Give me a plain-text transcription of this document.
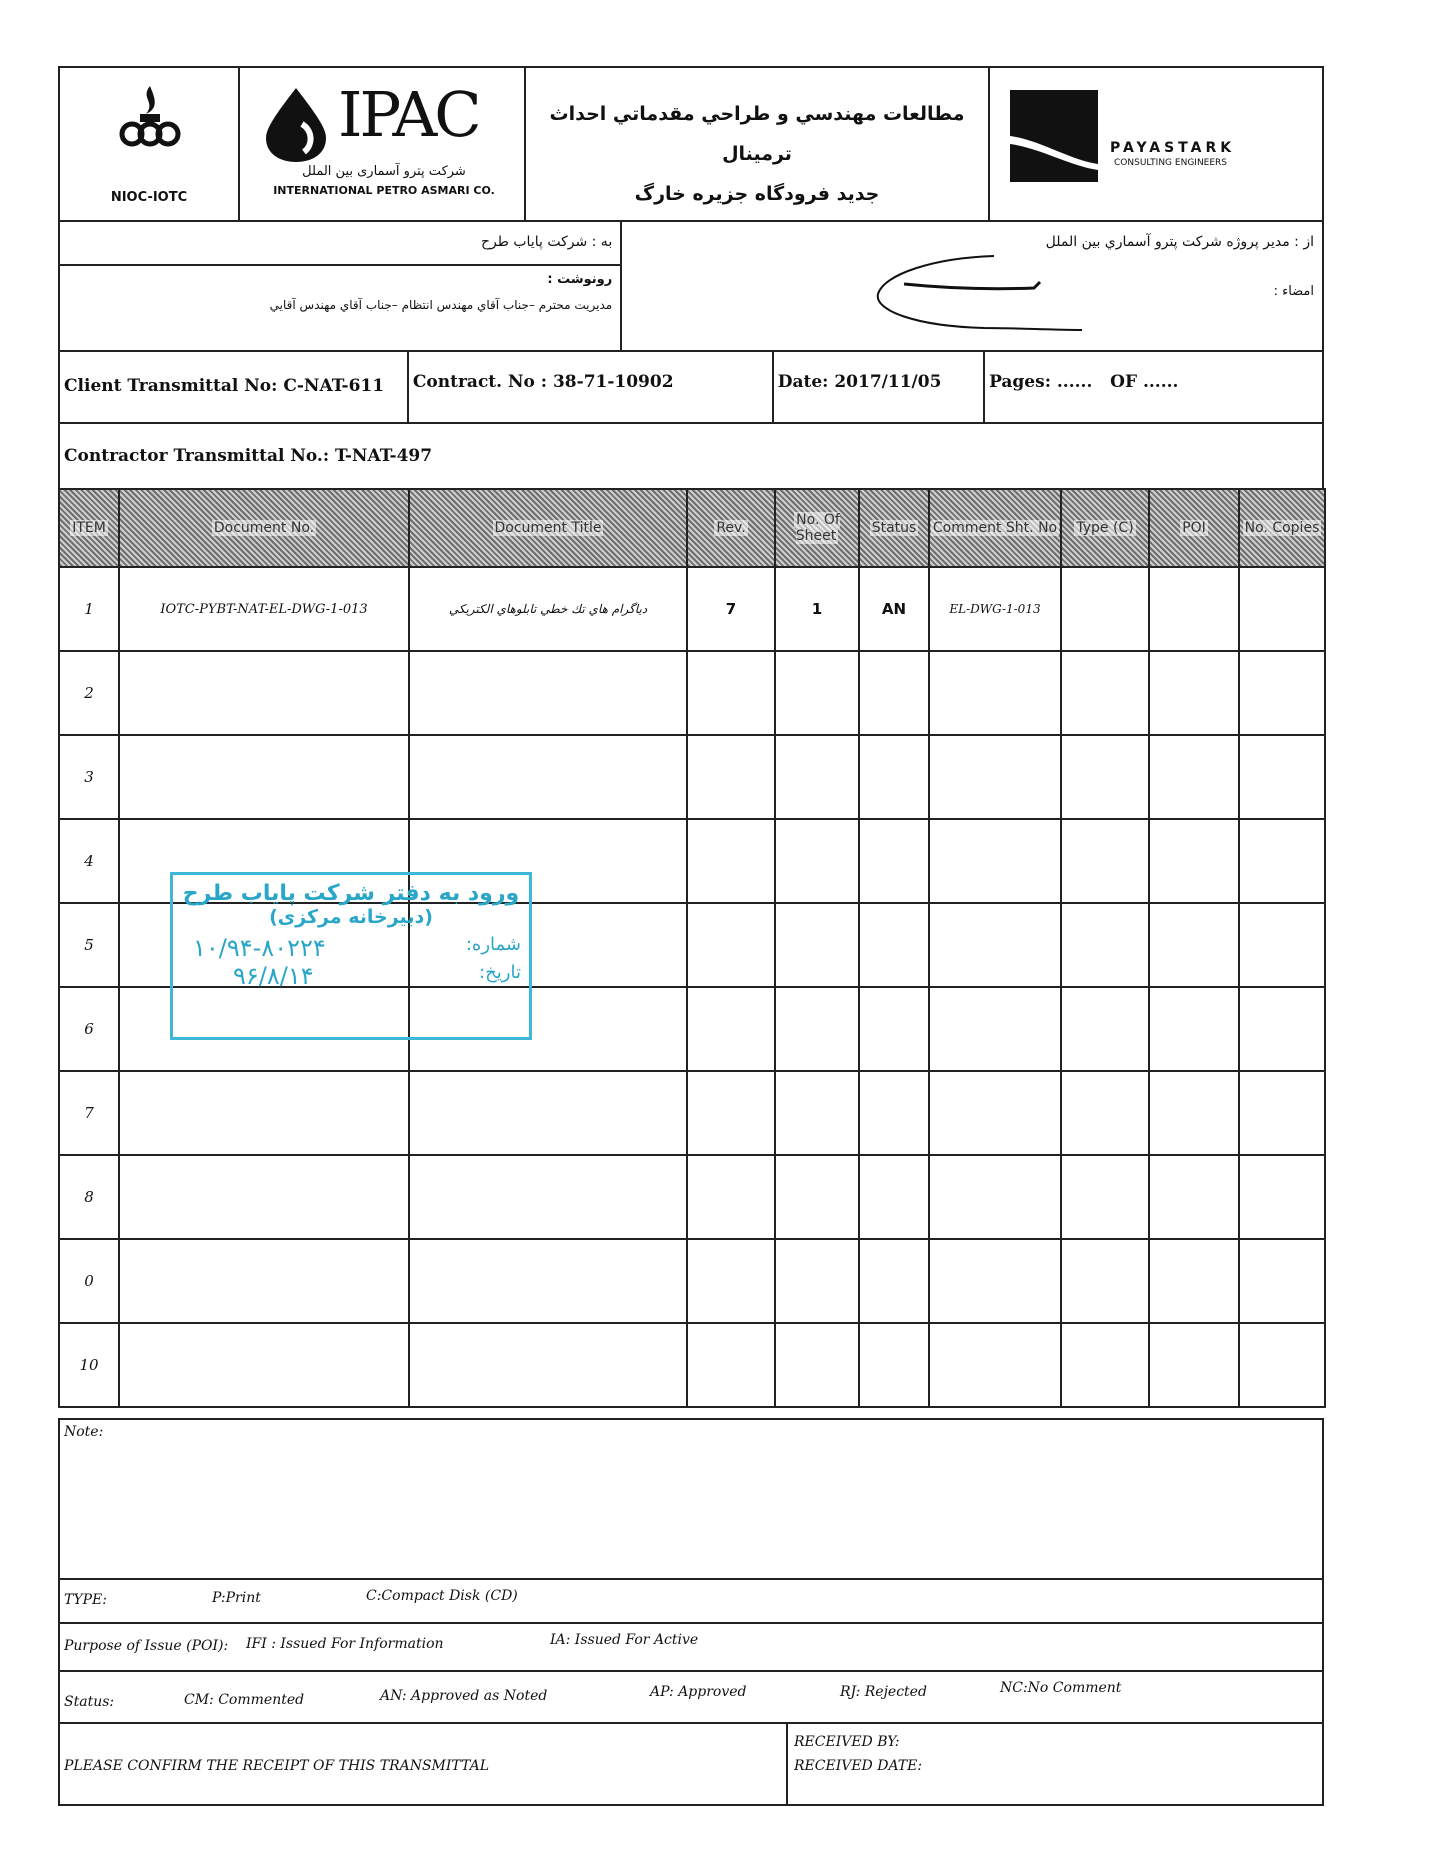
NIOC-IOTC
IPAC
شرکت پترو آسماری بین الملل
INTERNATIONAL PETRO ASMARI CO.
مطالعات مهندسي و طراحي مقدماتي احداث ترمينال
جديد فرودگاه جزيره خارگ
PAYASTARK
CONSULTING ENGINEERS
به : شرکت پایاب طرح
رونوشت :
مديريت محترم –جناب آقاي مهندس انتظام –جناب آقاي مهندس آقايي
از : مدير پروژه شرکت پترو آسماري بين الملل
امضاء :
Client Transmittal No: C-NAT-611	Contract. No : 38-71-10902	Date: 2017/11/05	Pages: ......   OF ......
Contractor Transmittal No.: T-NAT-497
ITEM	Document No.	Document Title	Rev.	No. Of Sheet	Status	Comment Sht. No	Type (C)	POI	No. Copies
1	IOTC-PYBT-NAT-EL-DWG-1-013	دیاگرام هاي تك خطي تابلوهاي الكتريكي	7	1	AN	EL-DWG-1-013			
2									
3									
4									
5									
6									
7									
8									
0									
10									
Note:
TYPE:	P:Print	C:Compact Disk (CD)
Purpose of Issue (POI): IFI : Issued For Information	IA: Issued For Active
Status:	CM: Commented	AN: Approved as Noted	AP: Approved	RJ: Rejected	NC:No Comment
PLEASE CONFIRM THE RECEIPT OF THIS TRANSMITTAL
RECEIVED BY:
RECEIVED DATE:
ورود به دفتر شرکت پایاب طرح
(دبیرخانه مرکزی)
شماره:
۱۰/۹۴-۸۰۲۲۴
تاریخ:
۹۶/۸/۱۴
